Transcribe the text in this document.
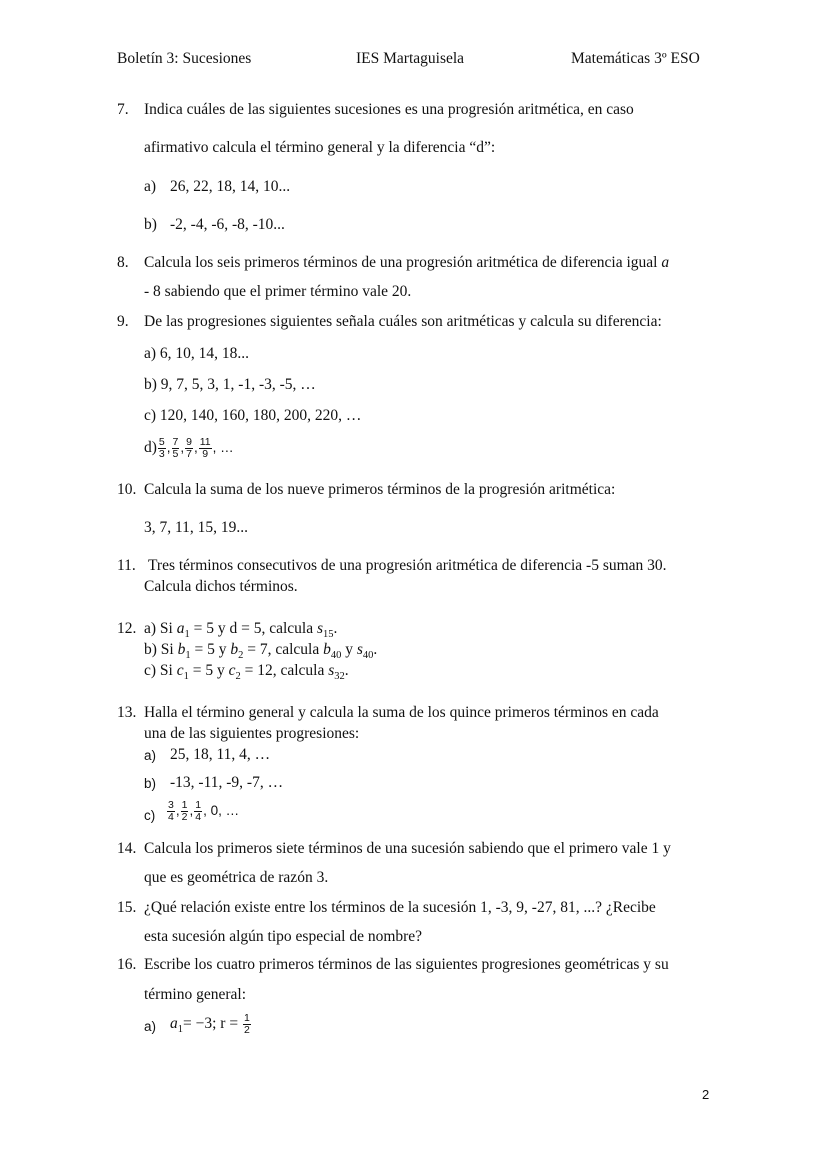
Boletín 3: Sucesiones	IES Martaguisela	Matemáticas 3º ESO
7. Indica cuáles de las siguientes sucesiones es una progresión aritmética, en caso
afirmativo calcula el término general y la diferencia “d”:
a) 26, 22, 18, 14, 10...
b) -2, -4, -6, -8, -10...
8. Calcula los seis primeros términos de una progresión aritmética de diferencia igual a
- 8 sabiendo que el primer término vale 20.
9. De las progresiones siguientes señala cuáles son aritméticas y calcula su diferencia:
a) 6, 10, 14, 18...
b) 9, 7, 5, 3, 1, -1, -3, -5, …
c) 120, 140, 160, 180, 200, 220, …
$d) \frac{5}{3}$ , $\frac{7}{5}$ , $\frac{9}{7}$ , $\frac{11}{9}$ , …
10. Calcula la suma de los nueve primeros términos de la progresión aritmética:
3, 7, 11, 15, 19...
11. Tres términos consecutivos de una progresión aritmética de diferencia -5 suman 30.
Calcula dichos términos.
12. a) Si $a_1 = 5$ y d = 5, calcula $s_{15}$.
b) Si $b_1 = 5$ y $b_2 = 7$, calcula $b_{40}$ y $s_{40}$.
c) Si $c_1 = 5$ y $c_2 = 12$, calcula $s_{32}$.
13. Halla el término general y calcula la suma de los quince primeros términos en cada
una de las siguientes progresiones:
a) 25, 18, 11, 4, …
b) -13, -11, -9, -7, …
$c) \frac{3}{4}$ , $\frac{1}{2}$ , $\frac{1}{4}$ , 0, …
14. Calcula los primeros siete términos de una sucesión sabiendo que el primero vale 1 y
que es geométrica de razón 3.
15. ¿Qué relación existe entre los términos de la sucesión 1, -3, 9, -27, 81, ...? ¿Recibe
esta sucesión algún tipo especial de nombre?
16. Escribe los cuatro primeros términos de las siguientes progresiones geométricas y su
término general:
a) $a_1= -3$; $r = \frac{1}{2}$
2
